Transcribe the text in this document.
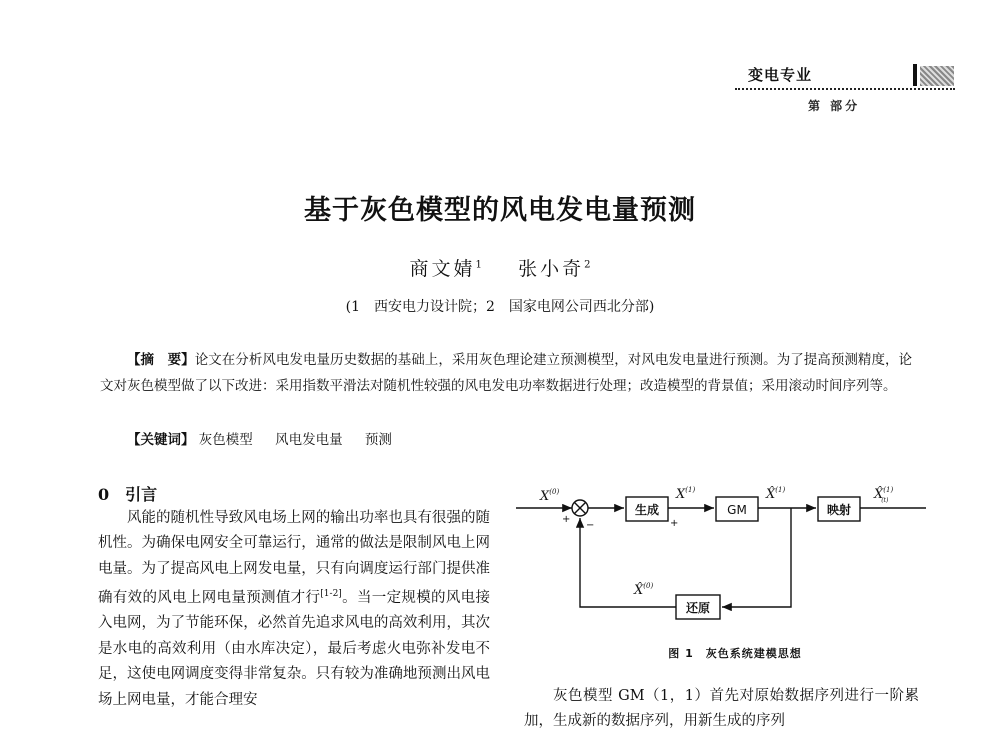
变电专业
第 部分
基于灰色模型的风电发电量预测
商文婧$^1$ 张小奇$^2$
(1　西安电力设计院；2　国家电网公司西北分部)
【摘　要】论文在分析风电发电量历史数据的基础上，采用灰色理论建立预测模型，对风电发电量进行预测。为了提高预测精度，论文对灰色模型做了以下改进：采用指数平滑法对随机性较强的风电发电功率数据进行处理；改造模型的背景值；采用滚动时间序列等。
【关键词】 灰色模型 风电发电量 预测
0 引言
风能的随机性导致风电场上网的输出功率也具有很强的随机性。为确保电网安全可靠运行，通常的做法是限制风电上网电量。为了提高风电上网发电量，只有向调度运行部门提供准确有效的风电上网电量预测值才行[1-2]。当一定规模的风电接入电网，为了节能环保，必然首先追求风电的高效利用，其次是水电的高效利用（由水库决定），最后考虑火电弥补发电不足，这使电网调度变得非常复杂。只有较为准确地预测出风电场上网电量，才能合理安
生成	GM	映射
还原
+
−	+
$X^{(0)}$	$X^{(1)}$	X̂$^{(1)}$	X̂$^{(1)}$ (t)
X̂$^{(0)}$
图 1　灰色系统建模思想
灰色模型 GM（1，1）首先对原始数据序列进行一阶累加，生成新的数据序列，用新生成的序列
